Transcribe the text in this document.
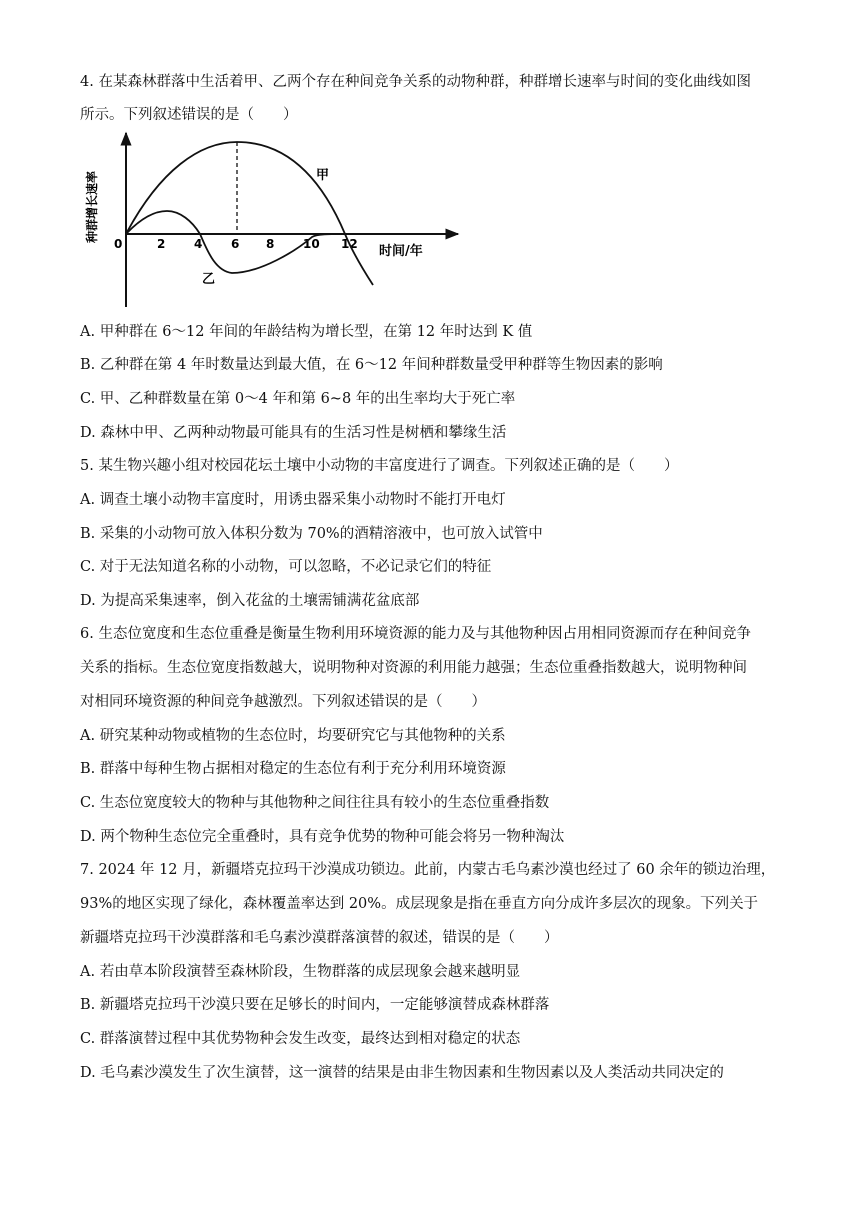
4. 在某森林群落中生活着甲、乙两个存在种间竞争关系的动物种群，种群增长速率与时间的变化曲线如图
所示。下列叙述错误的是（　　）
种群增长速率
0	2 4 6 8 10 12 时间/年
甲
乙
A. 甲种群在 6～12 年间的年龄结构为增长型，在第 12 年时达到 K 值
B. 乙种群在第 4 年时数量达到最大值，在 6～12 年间种群数量受甲种群等生物因素的影响
C. 甲、乙种群数量在第 0～4 年和第 6~8 年的出生率均大于死亡率
D. 森林中甲、乙两种动物最可能具有的生活习性是树栖和攀缘生活
5. 某生物兴趣小组对校园花坛土壤中小动物的丰富度进行了调查。下列叙述正确的是（　　）
A. 调查土壤小动物丰富度时，用诱虫器采集小动物时不能打开电灯
B. 采集的小动物可放入体积分数为 70%的酒精溶液中，也可放入试管中
C. 对于无法知道名称的小动物，可以忽略，不必记录它们的特征
D. 为提高采集速率，倒入花盆的土壤需铺满花盆底部
6. 生态位宽度和生态位重叠是衡量生物利用环境资源的能力及与其他物种因占用相同资源而存在种间竞争
关系的指标。生态位宽度指数越大，说明物种对资源的利用能力越强；生态位重叠指数越大，说明物种间
对相同环境资源的种间竞争越激烈。下列叙述错误的是（　　）
A. 研究某种动物或植物的生态位时，均要研究它与其他物种的关系
B. 群落中每种生物占据相对稳定的生态位有利于充分利用环境资源
C. 生态位宽度较大的物种与其他物种之间往往具有较小的生态位重叠指数
D. 两个物种生态位完全重叠时，具有竞争优势的物种可能会将另一物种淘汰
7. 2024 年 12 月，新疆塔克拉玛干沙漠成功锁边。此前，内蒙古毛乌素沙漠也经过了 60 余年的锁边治理，
93%的地区实现了绿化，森林覆盖率达到 20%。成层现象是指在垂直方向分成许多层次的现象。下列关于
新疆塔克拉玛干沙漠群落和毛乌素沙漠群落演替的叙述，错误的是（　　）
A. 若由草本阶段演替至森林阶段，生物群落的成层现象会越来越明显
B. 新疆塔克拉玛干沙漠只要在足够长的时间内，一定能够演替成森林群落
C. 群落演替过程中其优势物种会发生改变，最终达到相对稳定的状态
D. 毛乌素沙漠发生了次生演替，这一演替的结果是由非生物因素和生物因素以及人类活动共同决定的
